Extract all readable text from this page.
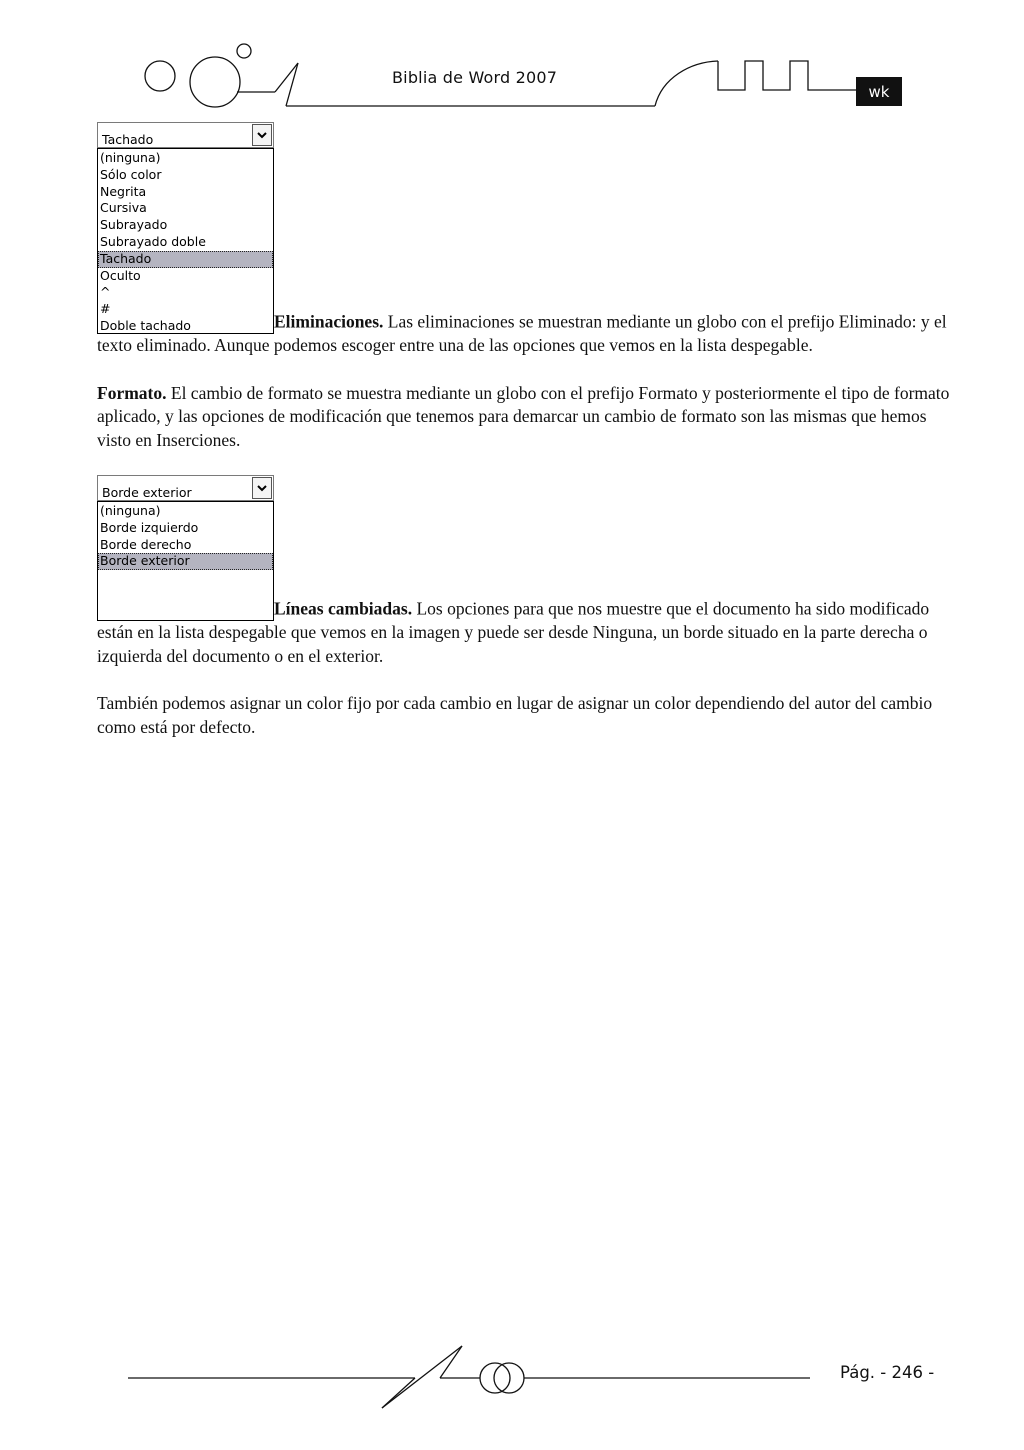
Biblia de Word 2007
wk

Tachado
(ninguna)
Sólo color
Negrita
Cursiva
Subrayado
Subrayado doble
Tachado
Oculto
^
#
Doble tachado	Eliminaciones. Las eliminaciones se muestran mediante un globo con el prefijo Eliminado: y el texto eliminado. Aunque podemos escoger entre una de las opciones que vemos en la lista despegable.

Formato. El cambio de formato se muestra mediante un globo con el prefijo Formato y posteriormente el tipo de formato aplicado, y las opciones de modificación que tenemos para demarcar un cambio de formato son las mismas que hemos visto en Inserciones.

Borde exterior
(ninguna)
Borde izquierdo
Borde derecho
Borde exterior
Líneas cambiadas. Los opciones para que nos muestre que el documento ha sido modificado están en la lista despegable que vemos en la imagen y puede ser desde Ninguna, un borde situado en la parte derecha o izquierda del documento o en el exterior.

También podemos asignar un color fijo por cada cambio en lugar de asignar un color dependiendo del autor del cambio como está por defecto.

Pág. - 246 -
